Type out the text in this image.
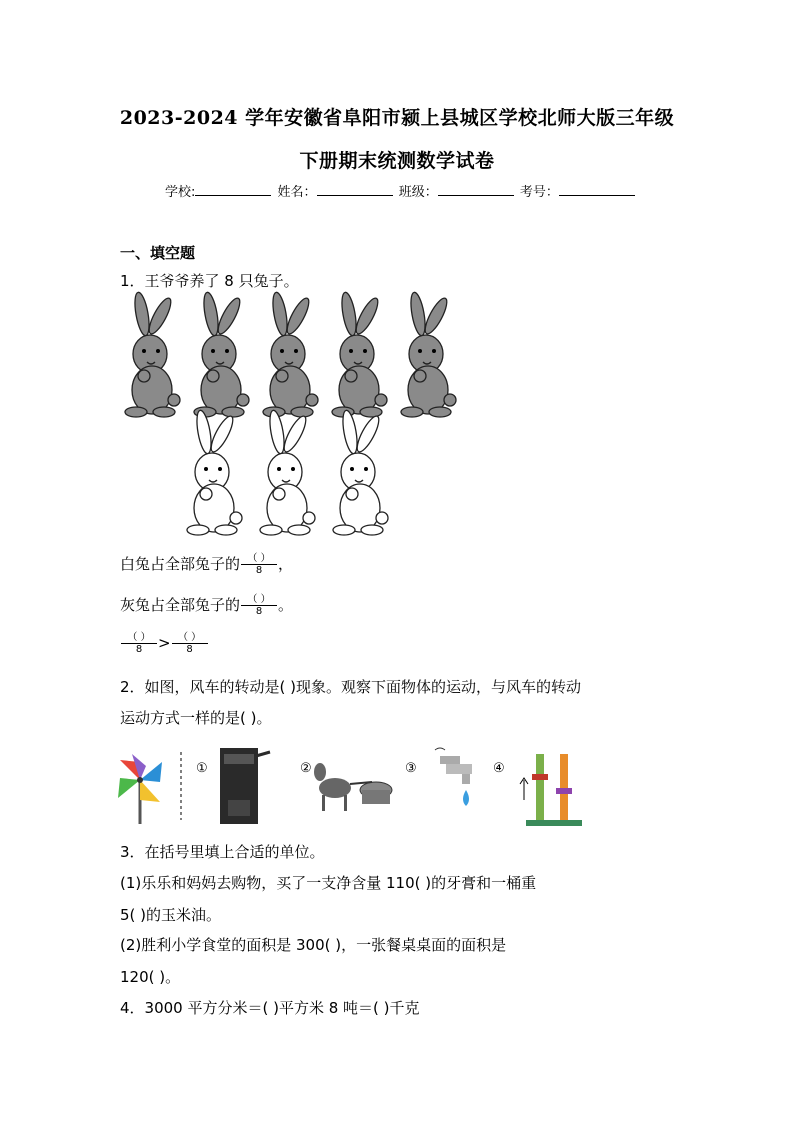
2023-2024 学年安徽省阜阳市颍上县城区学校北师大版三年级
下册期末统测数学试卷
学校:	姓名：	班级：	考号：
一、填空题
1．王爷爷养了 8 只兔子。
白兔占全部兔子的 $\frac{( )}{8}$ ，
灰兔占全部兔子的 $\frac{( )}{8}$ 。
$\frac{( )}{8} > \frac{( )}{8}$
2．如图，风车的转动是( )现象。观察下面物体的运动，与风车的转动
运动方式一样的是( )。
①	②	③	④
3．在括号里填上合适的单位。
(1)乐乐和妈妈去购物，买了一支净含量 110( )的牙膏和一桶重
5( )的玉米油。
(2)胜利小学食堂的面积是 300( )，一张餐桌桌面的面积是
120( )。
4．3000 平方分米＝( )平方米 8 吨＝( )千克
